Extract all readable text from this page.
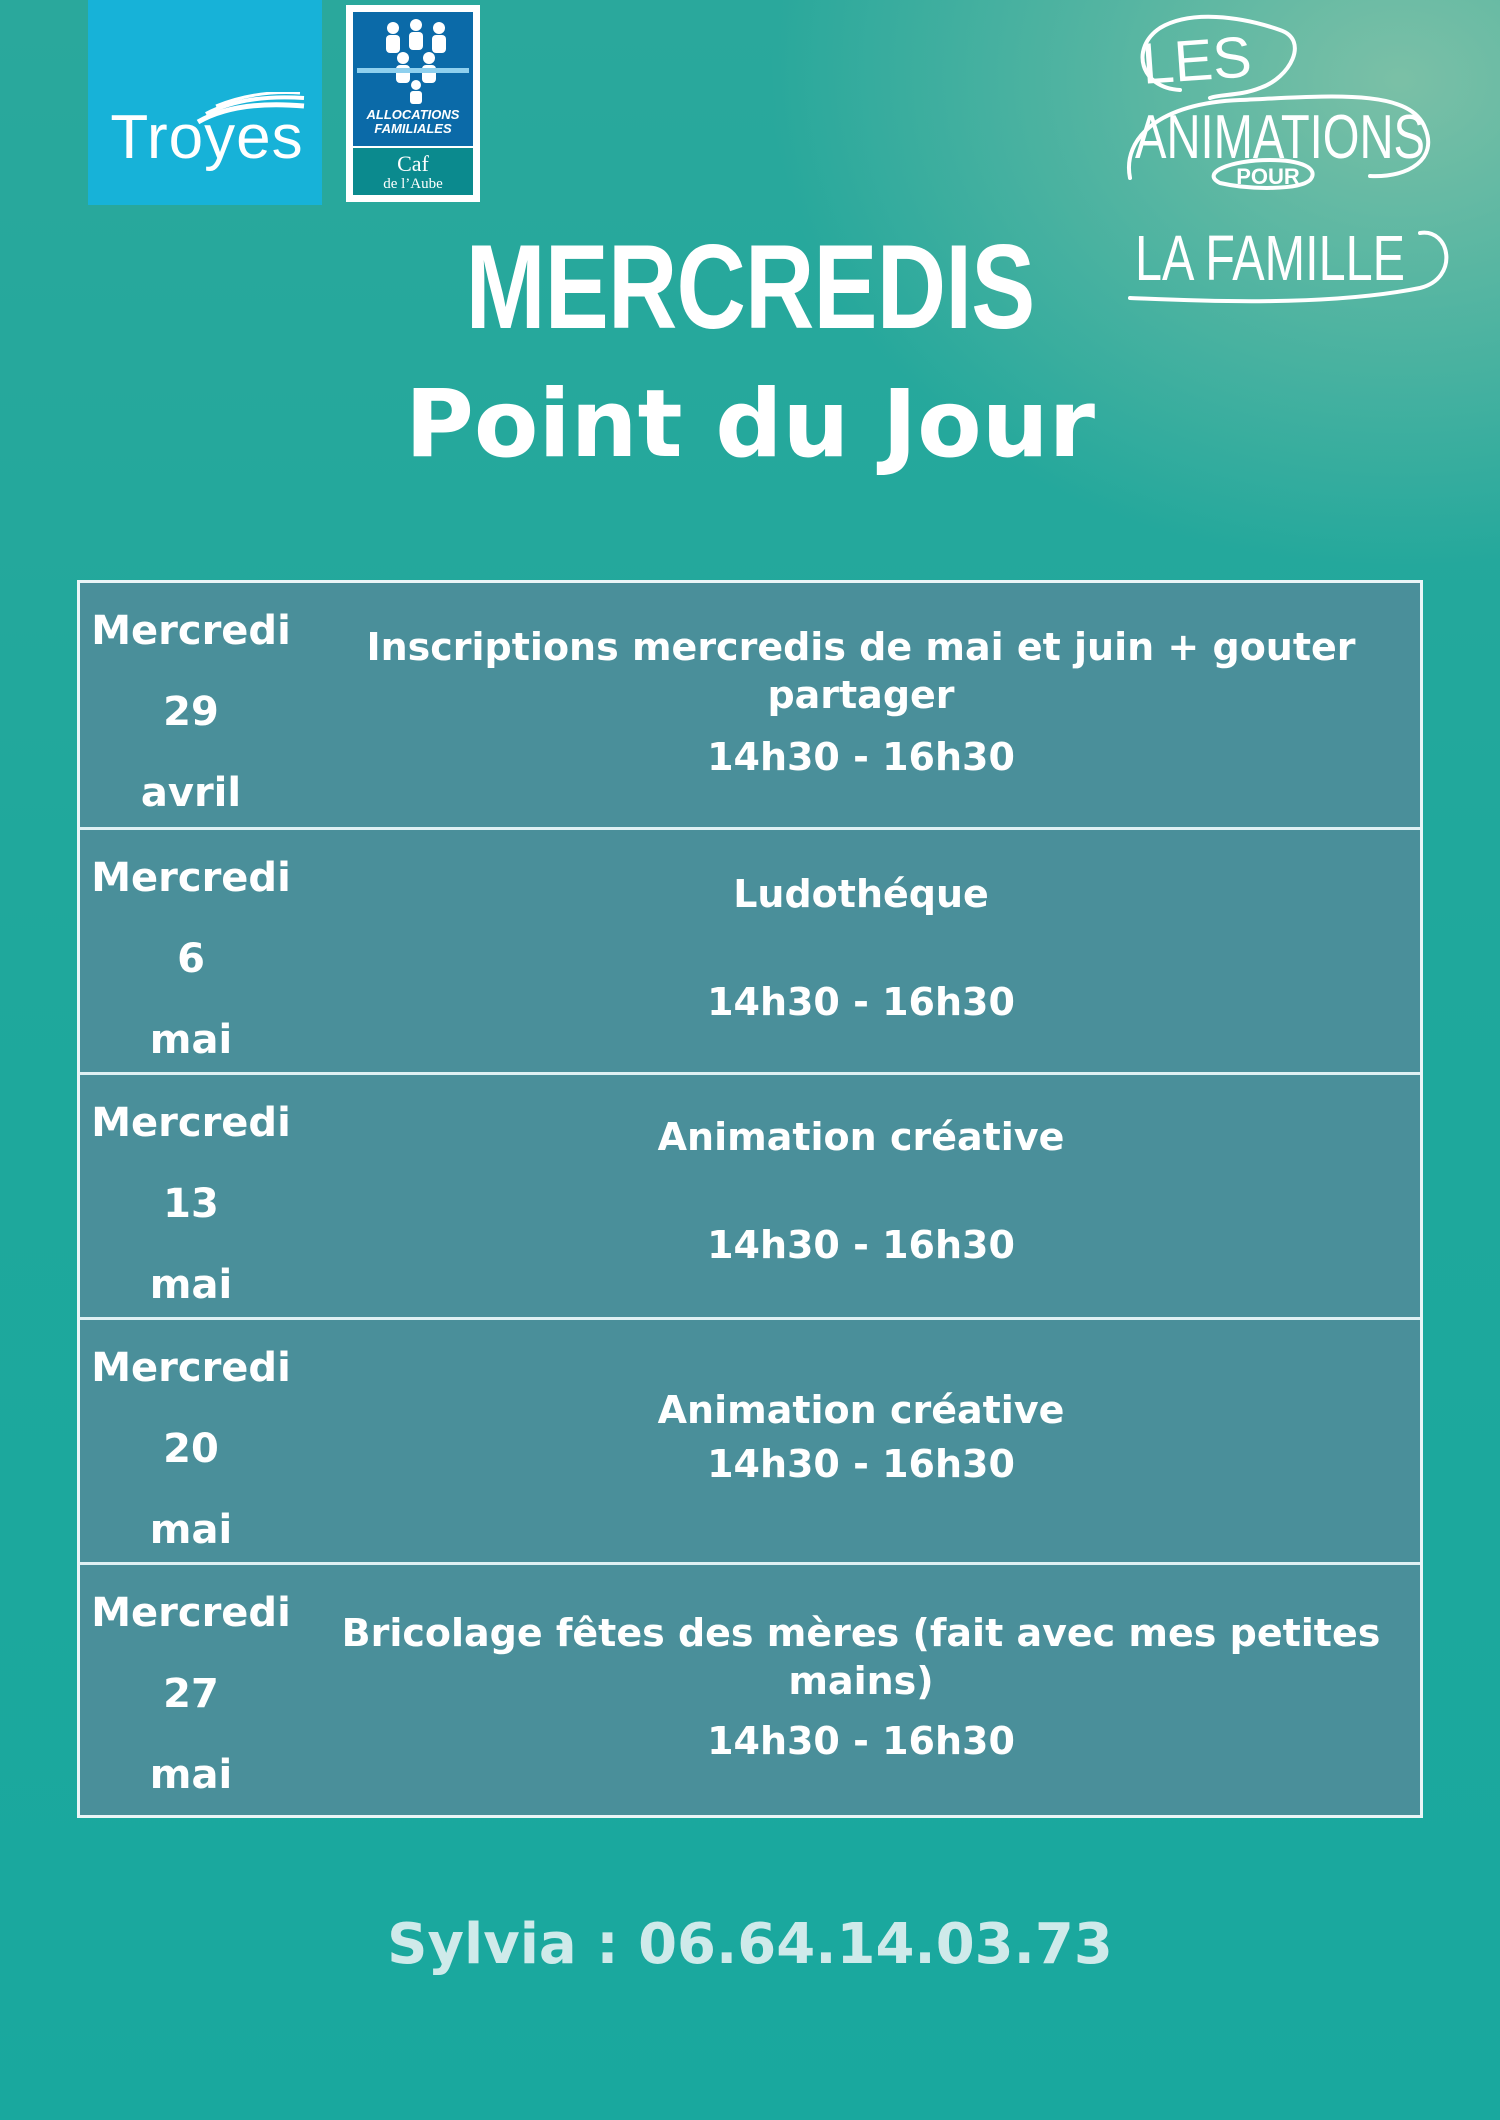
Troyes	ALLOCATIONS
FAMILIALES
Caf
de l’Aube
LES
ANIMATIONS
POUR
LA FAMILLE
MERCREDIS
Point du Jour
Mercredi
29
avril
Inscriptions mercredis de mai et juin + gouter partager
14h30 - 16h30
Mercredi
6
mai
Ludothéque
14h30 - 16h30
Mercredi
13
mai
Animation créative
14h30 - 16h30
Mercredi
20
mai
Animation créative
14h30 - 16h30
Mercredi
27
mai
Bricolage fêtes des mères (fait avec mes petites mains)
14h30 - 16h30
Sylvia : 06.64.14.03.73
